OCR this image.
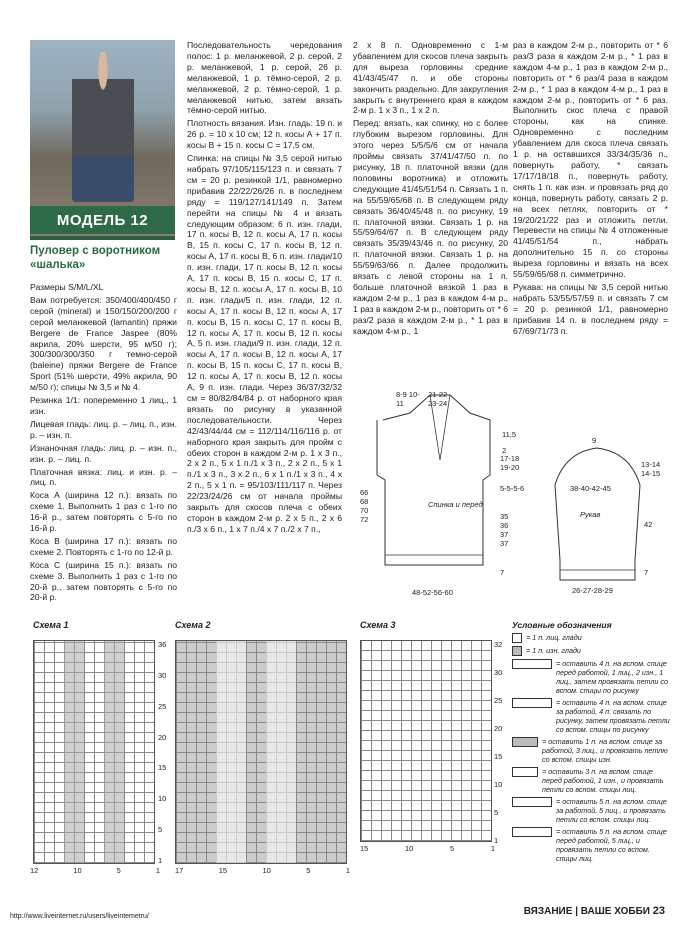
МОДЕЛЬ 12
Пуловер с воротником «шалька»

Размеры S/M/L/XL

Вам потребуется: 350/400/400/450 г серой (mineral) и 150/150/200/200 г серой меланжевой (lamantin) пряжи Bergere de France Jaspee (80% акрила, 20% шерсти, 95 м/50 г); 300/300/300/350 г темно-серой (baleine) пряжи Bergere de France Sport (51% шерсти, 49% акрила, 90 м/50 г); спицы № 3,5 и № 4.

Резинка 1/1: попеременно 1 лиц., 1 изн.

Лицевая гладь: лиц. р. – лиц. п., изн. р. – изн. п.

Изнаночная гладь: лиц. р. – изн. п., изн. р. – лиц. п.

Платочная вязка: лиц. и изн. р. – лиц. п.

Коса А (ширина 12 п.): вязать по схеме 1. Выполнить 1 раз с 1-го по 16-й р., затем повторять с 5-го по 16-й р.

Коса В (ширина 17 п.): вязать по схеме 2. Повторять с 1-го по 12-й р.

Коса С (ширина 15 п.): вязать по схеме 3. Выполнить 1 раз с 1-го по 20-й р., затем повторять с 5-го по 20-й р.

Последовательность чередования полос: 1 р. меланжевой, 2 р. серой, 2 р. меланжевой, 1 р. серой, 26 р. меланжевой, 1 р. тёмно-серой, 2 р. меланжевой, 2 р. тёмно-серой, 1 р. меланжевой нитью, затем вязать тёмно-серой нитью.

Плотность вязания. Изн. гладь: 19 п. и 26 р. = 10 х 10 см; 12 п. косы А + 17 п. косы В + 15 п. косы С = 17,5 см.

Спинка: на спицы № 3,5 серой нитью набрать 97/105/115/123 п. и связать 7 см = 20 р. резинкой 1/1, равномерно прибавив 22/22/26/26 п. в последнем ряду = 119/127/141/149 п. Затем перейти на спицы № 4 и вязать следующим образом: 6 п. изн. глади, 17 п. косы В, 12 п. косы А, 17 п. косы В, 15 п. косы С, 17 п. косы В, 12 п. косы А, 17 п. косы В, 6 п. изн. глади/10 п. изн. глади, 17 п. косы В, 12 п. косы А, 17 п. косы В, 15 п. косы С, 17 п. косы В, 12 п. косы А, 17 п. косы В, 10 п. изн. глади/5 п. изн. глади, 12 п. косы А, 17 п. косы В, 12 п. косы А, 17 п. косы В, 15 п. косы С, 17 п. косы В, 12 п. косы А, 17 п. косы В, 12 п. косы А, 5 п. изн. глади/9 п. изн. глади, 12 п. косы А, 17 п. косы В, 12 п. косы А, 17 п. косы В, 15 п. косы С, 17 п. косы В, 12 п. косы А, 17 п. косы В, 12 п. косы А, 9 п. изн. глади. Через 36/37/32/32 см = 80/82/84/84 р. от наборного края вязать по рисунку в указанной последовательности. Через 42/43/44/44 см = 112/114/116/116 р. от наборного края закрыть для пройм с обеих сторон в каждом 2-м р. 1 х 3 п., 2 х 2 п., 5 х 1 п./1 х 3 п., 2 х 2 п., 5 х 1 п./1 х 3 п., 3 х 2 п., 6 х 1 п./1 х 3 п., 4 х 2 п., 5 х 1 п. = 95/103/111/117 п. Через 22/23/24/26 см от начала проймы закрыть для скосов плеча с обеих сторон в каждом 2-м р. 2 х 5 п., 2 х 6 п./3 х 6 п., 1 х 7 п./4 х 7 п./2 х 7 п.,

2 х 8 п. Одновременно с 1-м убавлением для скосов плеча закрыть для выреза горловины средние 41/43/45/47 п. и обе стороны закончить раздельно. Для закругления закрыть с внутреннего края в каждом 2-м р. 1 х 3 п., 1 х 2 п.

Перед: вязать, как спинку, но с более глубоким вырезом горловины. Для этого через 5/5/5/6 см от начала проймы связать 37/41/47/50 п. по рисунку, 18 п. платочной вязки (для половины воротника) и отложить следующие 41/45/51/54 п. Связать 1 п. на 55/59/65/68 п. В следующем ряду связать 36/40/45/48 п. по рисунку, 19 п. платочной вязки. Связать 1 р. на 55/59/64/67 п. В следующем ряду связать 35/39/43/46 п. по рисунку, 20 п. платочной вязки. Связать 1 р. на 55/59/63/66 п. Далее продолжить вязать с левой стороны на 1 п. больше платочной вязкой 1 раз в каждом 2-м р., 1 раз в каждом 4-м р., 1 раз в каждом 2-м р., повторить от * 6 раз/2 раза в каждом 2-м р., * 1 раз в каждом 4-м р., 1

раз в каждом 2-м р., повторить от * 6 раз/3 раза в каждом 2-м р., * 1 раз в каждом 4-м р., 1 раз в каждом 2-м р., повторить от * 6 раз/4 раза в каждом 2-м р., * 1 раз в каждом 4-м р., 1 раз в каждом 2-м р., повторить от * 6 раз. Выполнить скос плеча с правой стороны, как на спинке. Одновременно с последним убавлением для скоса плеча связать 1 р. на оставшихся 33/34/35/36 п., повернуть работу, * связать 17/17/18/18 п., повернуть работу, снять 1 п. как изн. и провязать ряд до конца, повернуть работу, связать 2 р. на всех петлях, повторить от * 19/20/21/22 раз и отложить петли. Перевести на спицы № 4 отложенные 41/45/51/54 п., набрать дополнительно 15 п. со стороны выреза горловины и вязать на всех 55/59/65/68 п. симметрично.

Рукава: на спицы № 3,5 серой нитью набрать 53/55/57/59 п. и связать 7 см = 20 р. резинкой 1/1, равномерно прибавив 14 п. в последнем ряду = 67/69/71/73 п.

Спинка и перед
8-9 10-11
21-22 23-24
11,5
2
17-18 19-20
5-5-5-6
35 36 37 37
7
66 68 70 72
48-52-56-60
9
13-14 14-15
38-40-42-45
Рукав
42
7
26-27-28-29
Схема 1
12	10	5	1
36
30
25
20
15
10
5
1
Схема 2
17	15	10	5	1
Схема 3
15	10	5	1
32
30
25
20
15
10
5
1
Условные обозначения
= 1 п. лиц. глади
= 1 п. изн. глади
= оставить 4 п. на вспом. спице перед работой, 1 лиц., 2 изн., 1 лиц., затем провязать петли со вспом. спицы по рисунку
= оставить 4 п. на вспом. спице за работой, 4 п. связать по рисунку, затем провязать петли со вспом. спицы по рисунку
= оставить 1 п. на вспом. спице за работой, 3 лиц., и провязать петлю со вспом. спицы изн.
= оставить 3 п. на вспом. спице перед работой, 1 изн., и провязать петли со вспом. спицы лиц.
= оставить 5 п. на вспом. спице за работой, 5 лиц., и провязать петли со вспом. спицы лиц.
= оставить 5 п. на вспом. спице перед работой, 5 лиц., и провязать петли со вспом. спицы лиц.
http://www.liveinternet.ru/users/liveintemetru/	ВЯЗАНИЕ | ВАШЕ ХОББИ 23
